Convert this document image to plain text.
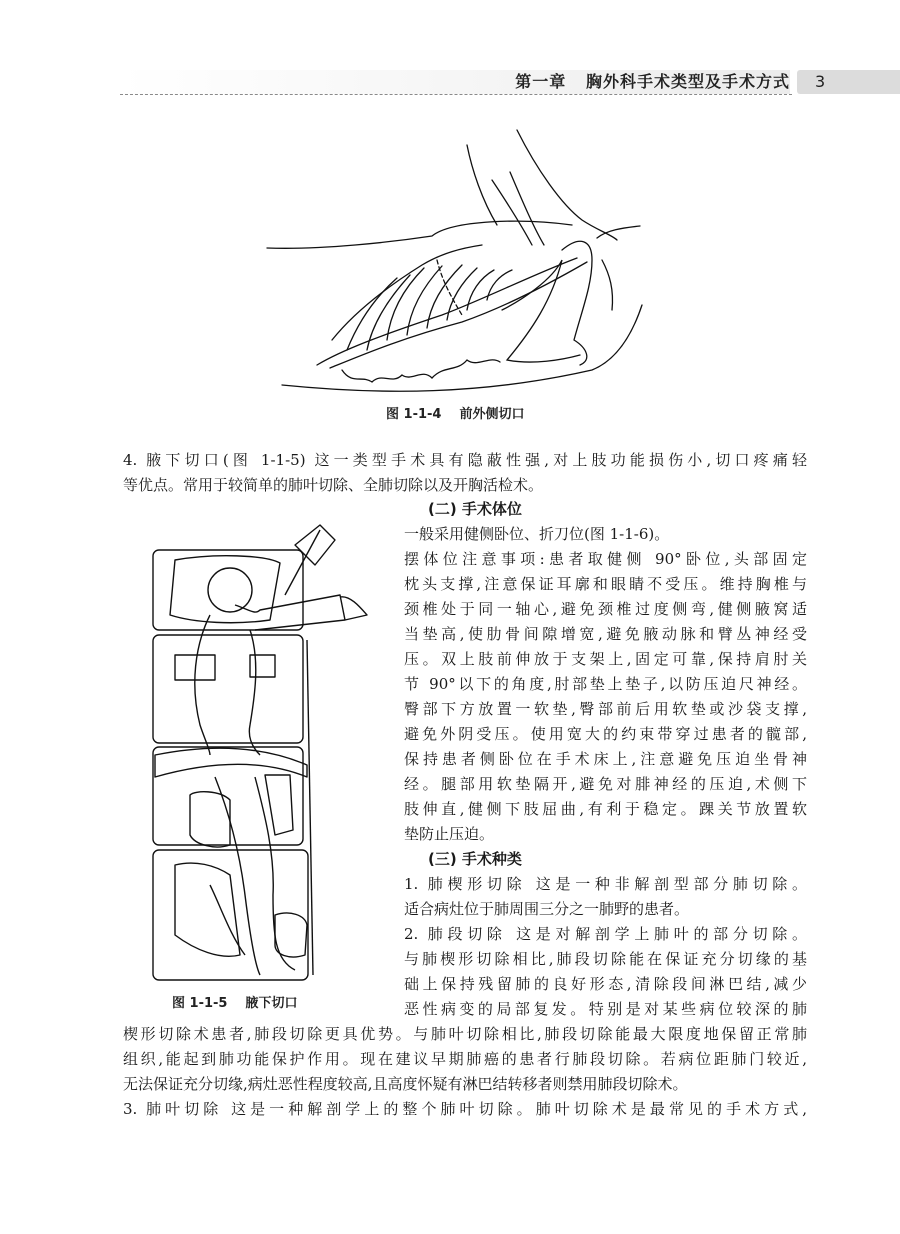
第一章   胸外科手术类型及手术方式 3
图 1-1-4    前外侧切口
4. 腋下切口(图 1-1-5) 这一类型手术具有隐蔽性强,对上肢功能损伤小,切口疼痛轻
等优点。常用于较简单的肺叶切除、全肺切除以及开胸活检术。
图 1-1-5    腋下切口
(二) 手术体位
一般采用健侧卧位、折刀位(图 1-1-6)。
摆体位注意事项:患者取健侧 90°卧位,头部固定
枕头支撑,注意保证耳廓和眼睛不受压。维持胸椎与
颈椎处于同一轴心,避免颈椎过度侧弯,健侧腋窝适
当垫高,使肋骨间隙增宽,避免腋动脉和臂丛神经受
压。双上肢前伸放于支架上,固定可靠,保持肩肘关
节 90°以下的角度,肘部垫上垫子,以防压迫尺神经。
臀部下方放置一软垫,臀部前后用软垫或沙袋支撑,
避免外阴受压。使用宽大的约束带穿过患者的髋部,
保持患者侧卧位在手术床上,注意避免压迫坐骨神
经。腿部用软垫隔开,避免对腓神经的压迫,术侧下
肢伸直,健侧下肢屈曲,有利于稳定。踝关节放置软
垫防止压迫。
(三) 手术种类
1. 肺楔形切除 这是一种非解剖型部分肺切除。
适合病灶位于肺周围三分之一肺野的患者。
2. 肺段切除 这是对解剖学上肺叶的部分切除。
与肺楔形切除相比,肺段切除能在保证充分切缘的基
础上保持残留肺的良好形态,清除段间淋巴结,减少
恶性病变的局部复发。特别是对某些病位较深的肺
楔形切除术患者,肺段切除更具优势。与肺叶切除相比,肺段切除能最大限度地保留正常肺
组织,能起到肺功能保护作用。现在建议早期肺癌的患者行肺段切除。若病位距肺门较近,
无法保证充分切缘,病灶恶性程度较高,且高度怀疑有淋巴结转移者则禁用肺段切除术。
3. 肺叶切除 这是一种解剖学上的整个肺叶切除。肺叶切除术是最常见的手术方式,
